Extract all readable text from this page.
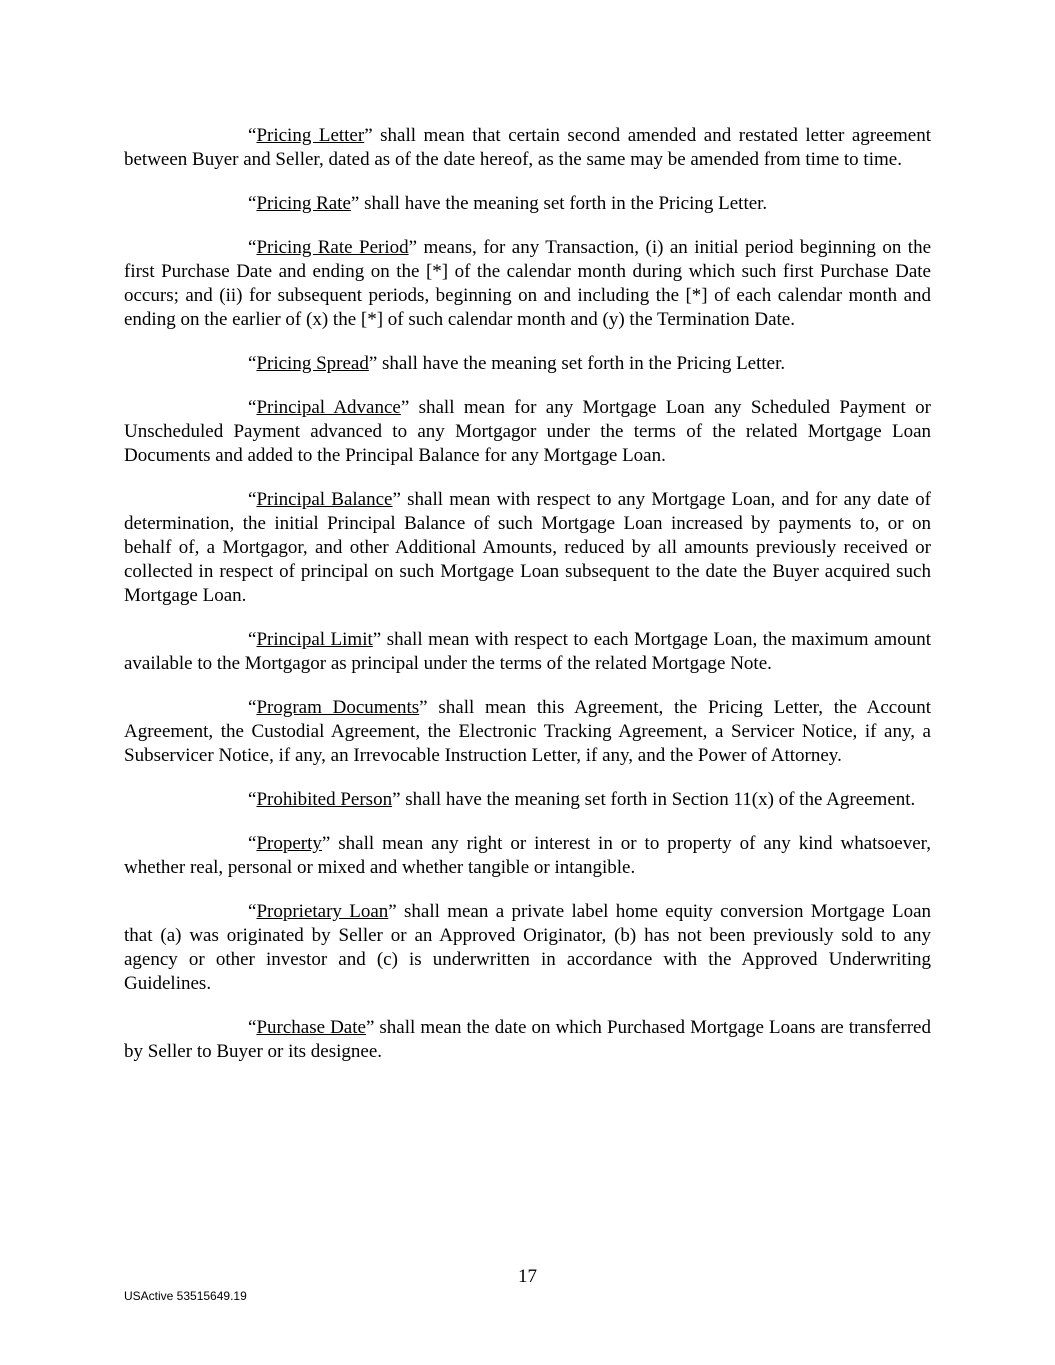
“Pricing Letter” shall mean that certain second amended and restated letter agreement between Buyer and Seller, dated as of the date hereof, as the same may be amended from time to time.

“Pricing Rate” shall have the meaning set forth in the Pricing Letter.

“Pricing Rate Period” means, for any Transaction, (i) an initial period beginning on the first Purchase Date and ending on the [*] of the calendar month during which such first Purchase Date occurs; and (ii) for subsequent periods, beginning on and including the [*] of each calendar month and ending on the earlier of (x) the [*] of such calendar month and (y) the Termination Date.

“Pricing Spread” shall have the meaning set forth in the Pricing Letter.

“Principal Advance” shall mean for any Mortgage Loan any Scheduled Payment or Unscheduled Payment advanced to any Mortgagor under the terms of the related Mortgage Loan Documents and added to the Principal Balance for any Mortgage Loan.

“Principal Balance” shall mean with respect to any Mortgage Loan, and for any date of determination, the initial Principal Balance of such Mortgage Loan increased by payments to, or on behalf of, a Mortgagor, and other Additional Amounts, reduced by all amounts previously received or collected in respect of principal on such Mortgage Loan subsequent to the date the Buyer acquired such Mortgage Loan.

“Principal Limit” shall mean with respect to each Mortgage Loan, the maximum amount available to the Mortgagor as principal under the terms of the related Mortgage Note.

“Program Documents” shall mean this Agreement, the Pricing Letter, the Account Agreement, the Custodial Agreement, the Electronic Tracking Agreement, a Servicer Notice, if any, a Subservicer Notice, if any, an Irrevocable Instruction Letter, if any, and the Power of Attorney.

“Prohibited Person” shall have the meaning set forth in Section 11(x) of the Agreement.

“Property” shall mean any right or interest in or to property of any kind whatsoever, whether real, personal or mixed and whether tangible or intangible.

“Proprietary Loan” shall mean a private label home equity conversion Mortgage Loan that (a) was originated by Seller or an Approved Originator, (b) has not been previously sold to any agency or other investor and (c) is underwritten in accordance with the Approved Underwriting Guidelines.

“Purchase Date” shall mean the date on which Purchased Mortgage Loans are transferred by Seller to Buyer or its designee.

17
USActive 53515649.19
